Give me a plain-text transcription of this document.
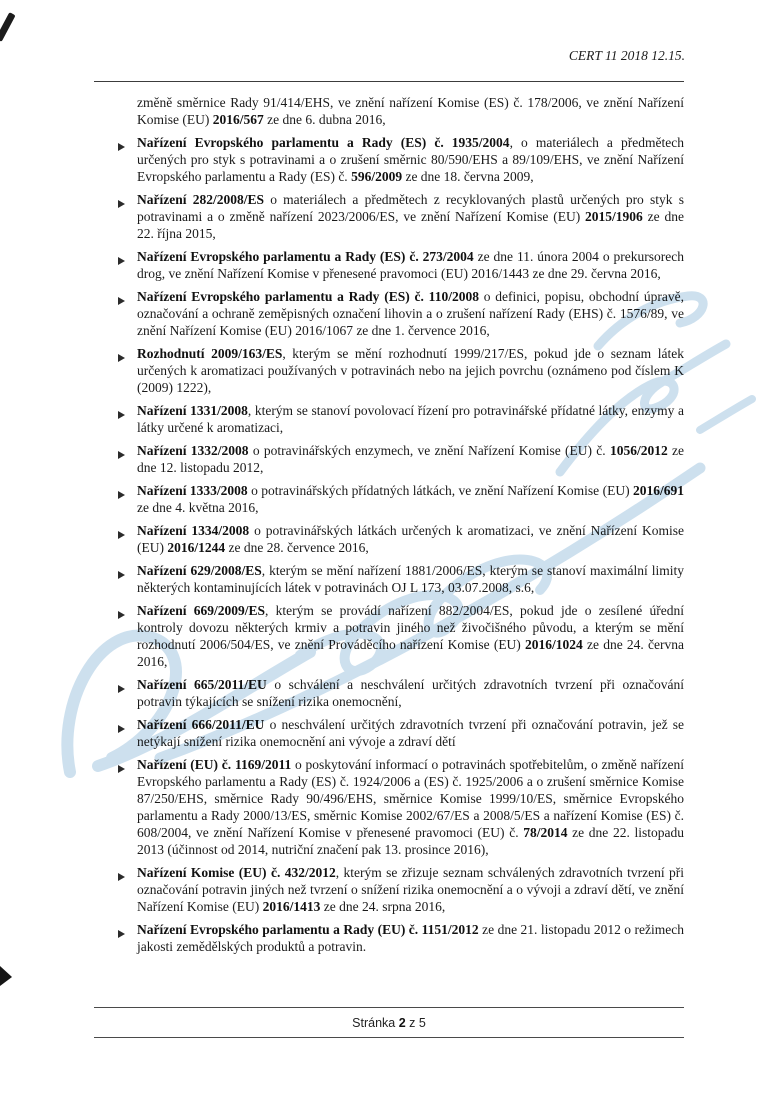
CERT 11 2018 12.15.

změně směrnice Rady 91/414/EHS, ve znění nařízení Komise (ES) č. 178/2006, ve znění Nařízení Komise (EU) 2016/567 ze dne 6. dubna 2016,

Nařízení Evropského parlamentu a Rady (ES) č. 1935/2004, o materiálech a předmětech určených pro styk s potravinami a o zrušení směrnic 80/590/EHS a 89/109/EHS, ve znění Nařízení Evropského parlamentu a Rady (ES) č. 596/2009 ze dne 18. června 2009,

Nařízení 282/2008/ES o materiálech a předmětech z recyklovaných plastů určených pro styk s potravinami a o změně nařízení 2023/2006/ES, ve znění Nařízení Komise (EU) 2015/1906 ze dne 22. října 2015,

Nařízení Evropského parlamentu a Rady (ES) č. 273/2004 ze dne 11. února 2004 o prekursorech drog, ve znění Nařízení Komise v přenesené pravomoci (EU) 2016/1443 ze dne 29. června 2016,

Nařízení Evropského parlamentu a Rady (ES) č. 110/2008 o definici, popisu, obchodní úpravě, označování a ochraně zeměpisných označení lihovin a o zrušení nařízení Rady (EHS) č. 1576/89, ve znění Nařízení Komise (EU) 2016/1067 ze dne 1. července 2016,

Rozhodnutí 2009/163/ES, kterým se mění rozhodnutí 1999/217/ES, pokud jde o seznam látek určených k aromatizaci používaných v potravinách nebo na jejich povrchu (oznámeno pod číslem K (2009) 1222),

Nařízení 1331/2008, kterým se stanoví povolovací řízení pro potravinářské přídatné látky, enzymy a látky určené k aromatizaci,

Nařízení 1332/2008 o potravinářských enzymech, ve znění Nařízení Komise (EU) č. 1056/2012 ze dne 12. listopadu 2012,

Nařízení 1333/2008 o potravinářských přídatných látkách, ve znění Nařízení Komise (EU) 2016/691 ze dne 4. května 2016,

Nařízení 1334/2008 o potravinářských látkách určených k aromatizaci, ve znění Nařízení Komise (EU) 2016/1244 ze dne 28. července 2016,

Nařízení 629/2008/ES, kterým se mění nařízení 1881/2006/ES, kterým se stanoví maximální limity některých kontaminujících látek v potravinách OJ L 173, 03.07.2008, s.6,

Nařízení 669/2009/ES, kterým se provádí nařízení 882/2004/ES, pokud jde o zesílené úřední kontroly dovozu některých krmiv a potravin jiného než živočišného původu, a kterým se mění rozhodnutí 2006/504/ES, ve znění Prováděcího nařízení Komise (EU) 2016/1024 ze dne 24. června 2016,

Nařízení 665/2011/EU o schválení a neschválení určitých zdravotních tvrzení při označování potravin týkajících se snížení rizika onemocnění,

Nařízení 666/2011/EU o neschválení určitých zdravotních tvrzení při označování potravin, jež se netýkají snížení rizika onemocnění ani vývoje a zdraví dětí

Nařízení (EU) č. 1169/2011 o poskytování informací o potravinách spotřebitelům, o změně nařízení Evropského parlamentu a Rady (ES) č. 1924/2006 a (ES) č. 1925/2006 a o zrušení směrnice Komise 87/250/EHS, směrnice Rady 90/496/EHS, směrnice Komise 1999/10/ES, směrnice Evropského parlamentu a Rady 2000/13/ES, směrnic Komise 2002/67/ES a 2008/5/ES a nařízení Komise (ES) č. 608/2004, ve znění Nařízení Komise v přenesené pravomoci (EU) č. 78/2014 ze dne 22. listopadu 2013 (účinnost od 2014, nutriční značení pak 13. prosince 2016),

Nařízení Komise (EU) č. 432/2012, kterým se zřizuje seznam schválených zdravotních tvrzení při označování potravin jiných než tvrzení o snížení rizika onemocnění a o vývoji a zdraví dětí, ve znění Nařízení Komise (EU) 2016/1413 ze dne 24. srpna 2016,

Nařízení Evropského parlamentu a Rady (EU) č. 1151/2012 ze dne 21. listopadu 2012 o režimech jakosti zemědělských produktů a potravin.

Stránka 2 z 5
